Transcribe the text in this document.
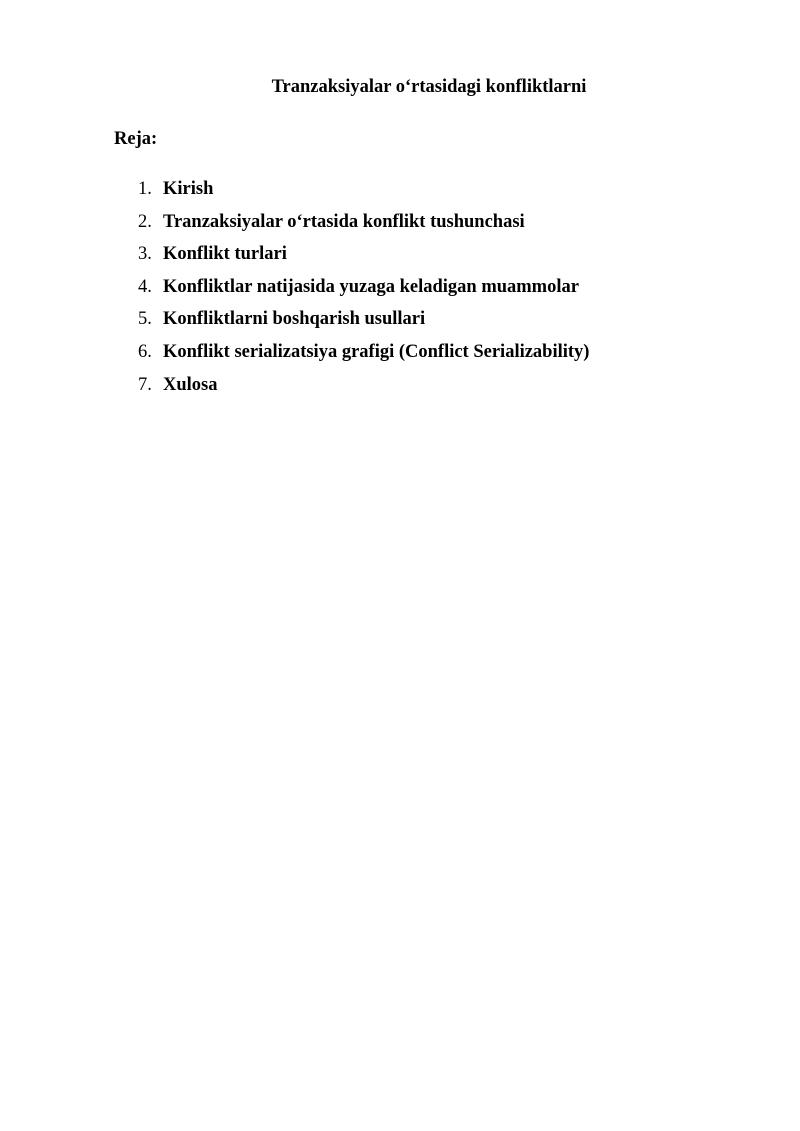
Tranzaksiyalar o‘rtasidagi konfliktlarni

Reja:

1. Kirish
2. Tranzaksiyalar o‘rtasida konflikt tushunchasi
3. Konflikt turlari
4. Konfliktlar natijasida yuzaga keladigan muammolar
5. Konfliktlarni boshqarish usullari
6. Konflikt serializatsiya grafigi (Conflict Serializability)
7. Xulosa
